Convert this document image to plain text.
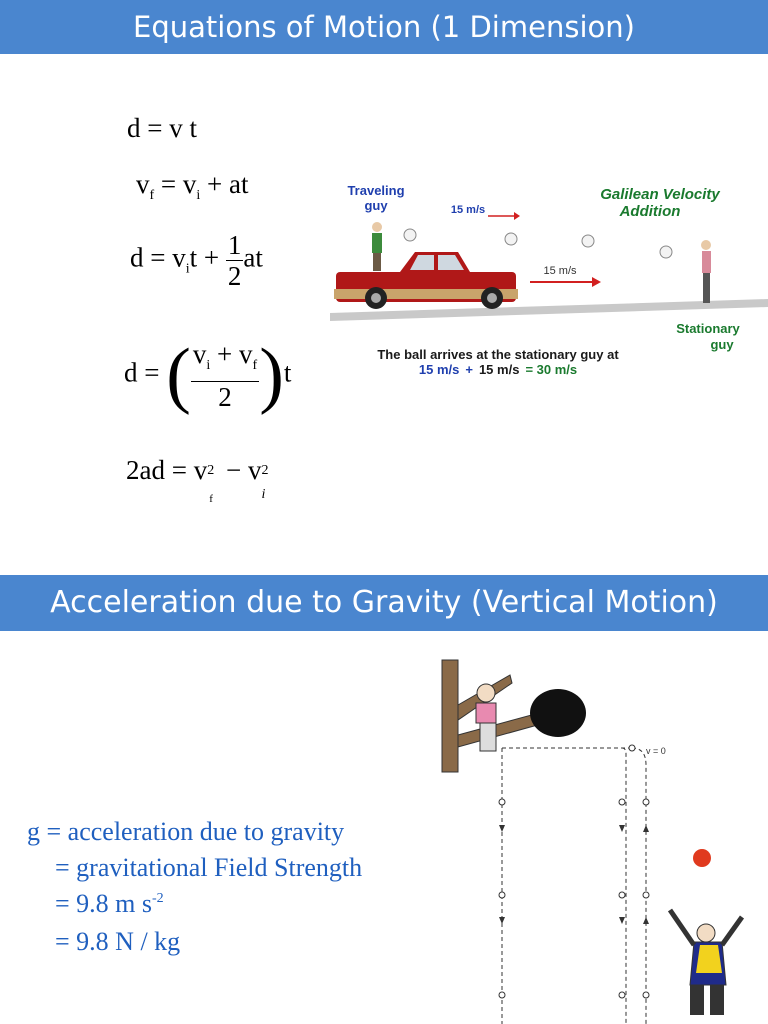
Equations of Motion (1 Dimension)
d = v t
$v_f = v_i$ + at
$d = v_it + \frac{1}{2}$ at
d = ( $\frac{v_i + v_f}{2} )t$
2ad = v 2
f
− v 2
i
Traveling
guy	15 m/s
Galilean Velocity
Addition
15 m/s
Stationary
guy
The ball arrives at the stationary guy at
15 m/s + 15 m/s = 30 m/s
Acceleration due to Gravity (Vertical Motion)
g = acceleration due to gravity
= gravitational Field Strength
= 9.8 m $s^{-2}$
= 9.8 N / kg
v = 0
